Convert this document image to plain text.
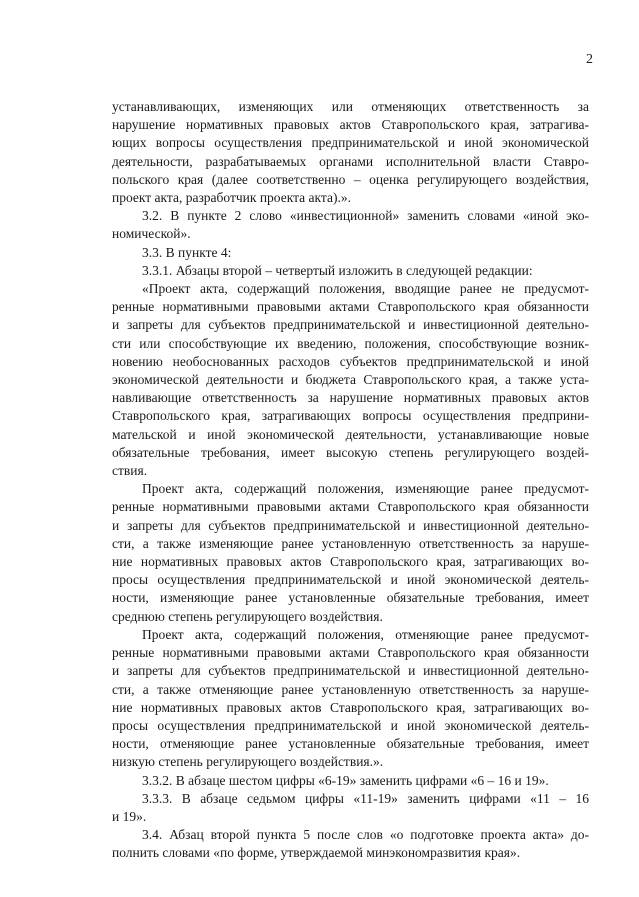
2
устанавливающих, изменяющих или отменяющих ответственность за
нарушение нормативных правовых актов Ставропольского края, затрагива-
ющих вопросы осуществления предпринимательской и иной экономической
деятельности, разрабатываемых органами исполнительной власти Ставро-
польского края (далее соответственно – оценка регулирующего воздействия,
проект акта, разработчик проекта акта).».
3.2. В пункте 2 слово «инвестиционной» заменить словами «иной эко-
номической».
3.3. В пункте 4:
3.3.1. Абзацы второй – четвертый изложить в следующей редакции:
«Проект акта, содержащий положения, вводящие ранее не предусмот-
ренные нормативными правовыми актами Ставропольского края обязанности
и запреты для субъектов предпринимательской и инвестиционной деятельно-
сти или способствующие их введению, положения, способствующие возник-
новению необоснованных расходов субъектов предпринимательской и иной
экономической деятельности и бюджета Ставропольского края, а также уста-
навливающие ответственность за нарушение нормативных правовых актов
Ставропольского края, затрагивающих вопросы осуществления предприни-
мательской и иной экономической деятельности, устанавливающие новые
обязательные требования, имеет высокую степень регулирующего воздей-
ствия.
Проект акта, содержащий положения, изменяющие ранее предусмот-
ренные нормативными правовыми актами Ставропольского края обязанности
и запреты для субъектов предпринимательской и инвестиционной деятельно-
сти, а также изменяющие ранее установленную ответственность за наруше-
ние нормативных правовых актов Ставропольского края, затрагивающих во-
просы осуществления предпринимательской и иной экономической деятель-
ности, изменяющие ранее установленные обязательные требования, имеет
среднюю степень регулирующего воздействия.
Проект акта, содержащий положения, отменяющие ранее предусмот-
ренные нормативными правовыми актами Ставропольского края обязанности
и запреты для субъектов предпринимательской и инвестиционной деятельно-
сти, а также отменяющие ранее установленную ответственность за наруше-
ние нормативных правовых актов Ставропольского края, затрагивающих во-
просы осуществления предпринимательской и иной экономической деятель-
ности, отменяющие ранее установленные обязательные требования, имеет
низкую степень регулирующего воздействия.».
3.3.2. В абзаце шестом цифры «6-19» заменить цифрами «6 – 16 и 19».
3.3.3. В абзаце седьмом цифры «11-19» заменить цифрами «11 – 16
и 19».
3.4. Абзац второй пункта 5 после слов «о подготовке проекта акта» до-
полнить словами «по форме, утверждаемой минэкономразвития края».
